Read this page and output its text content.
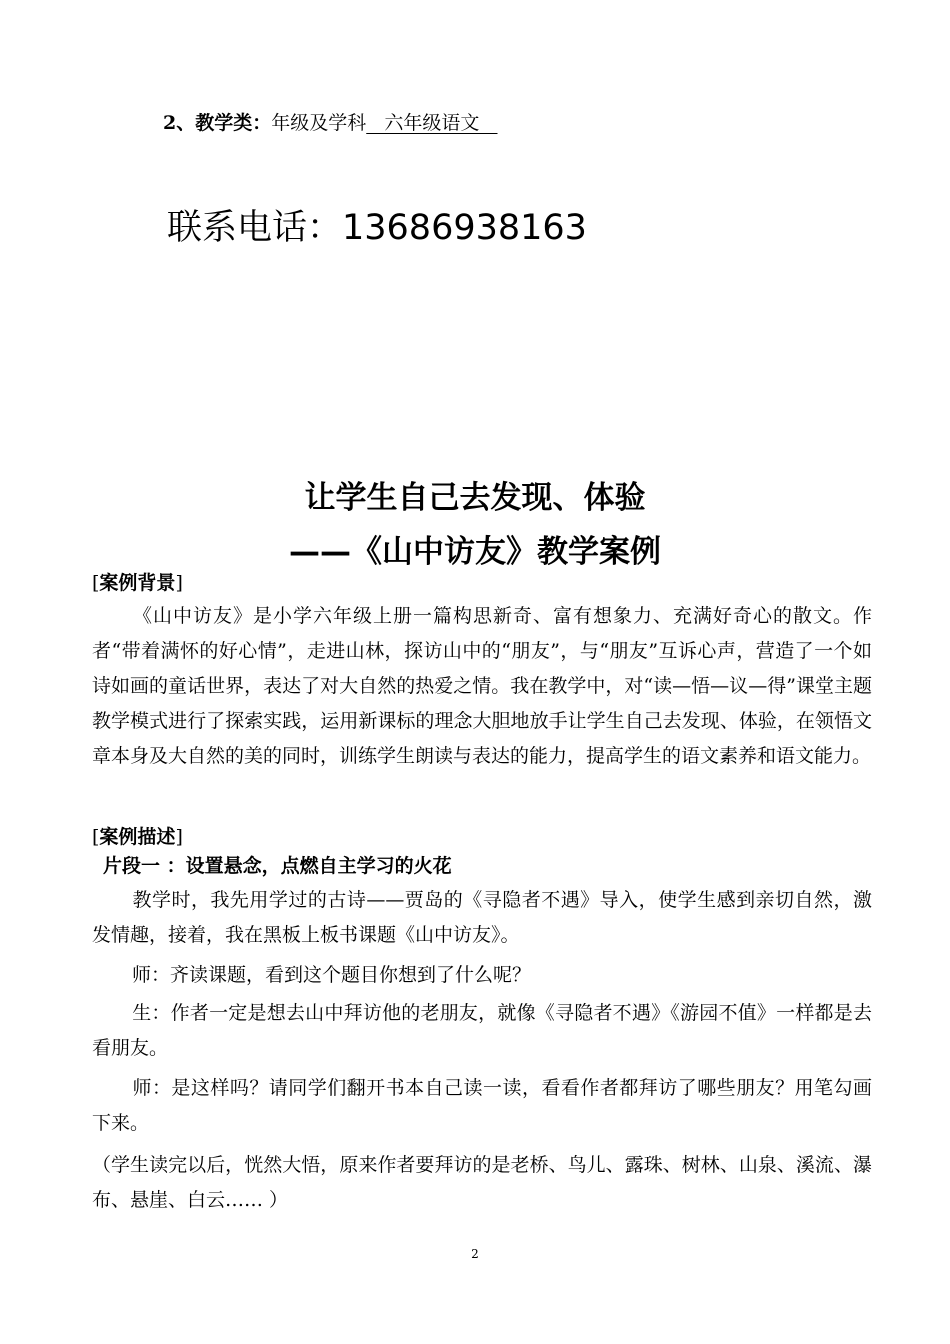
2、教学类：年级及学科   六年级语文
联系电话：13686938163
让学生自己去发现、体验
——《山中访友》教学案例
[案例背景]
《山中访友》是小学六年级上册一篇构思新奇、富有想象力、充满好奇心的散文。作者“带着满怀的好心情”，走进山林，探访山中的“朋友”，与“朋友”互诉心声，营造了一个如诗如画的童话世界，表达了对大自然的热爱之情。我在教学中，对“读—悟—议—得”课堂主题教学模式进行了探索实践，运用新课标的理念大胆地放手让学生自己去发现、体验，在领悟文章本身及大自然的美的同时，训练学生朗读与表达的能力，提高学生的语文素养和语文能力。
[案例描述]
片段一 ：设置悬念，点燃自主学习的火花
教学时，我先用学过的古诗——贾岛的《寻隐者不遇》导入，使学生感到亲切自然，激发情趣，接着，我在黑板上板书课题《山中访友》。
师：齐读课题，看到这个题目你想到了什么呢？
生：作者一定是想去山中拜访他的老朋友，就像《寻隐者不遇》《游园不值》一样都是去看朋友。
师：是这样吗？请同学们翻开书本自己读一读，看看作者都拜访了哪些朋友？用笔勾画下来。
（学生读完以后，恍然大悟，原来作者要拜访的是老桥、鸟儿、露珠、树林、山泉、溪流、瀑布、悬崖、白云…… ）
2
